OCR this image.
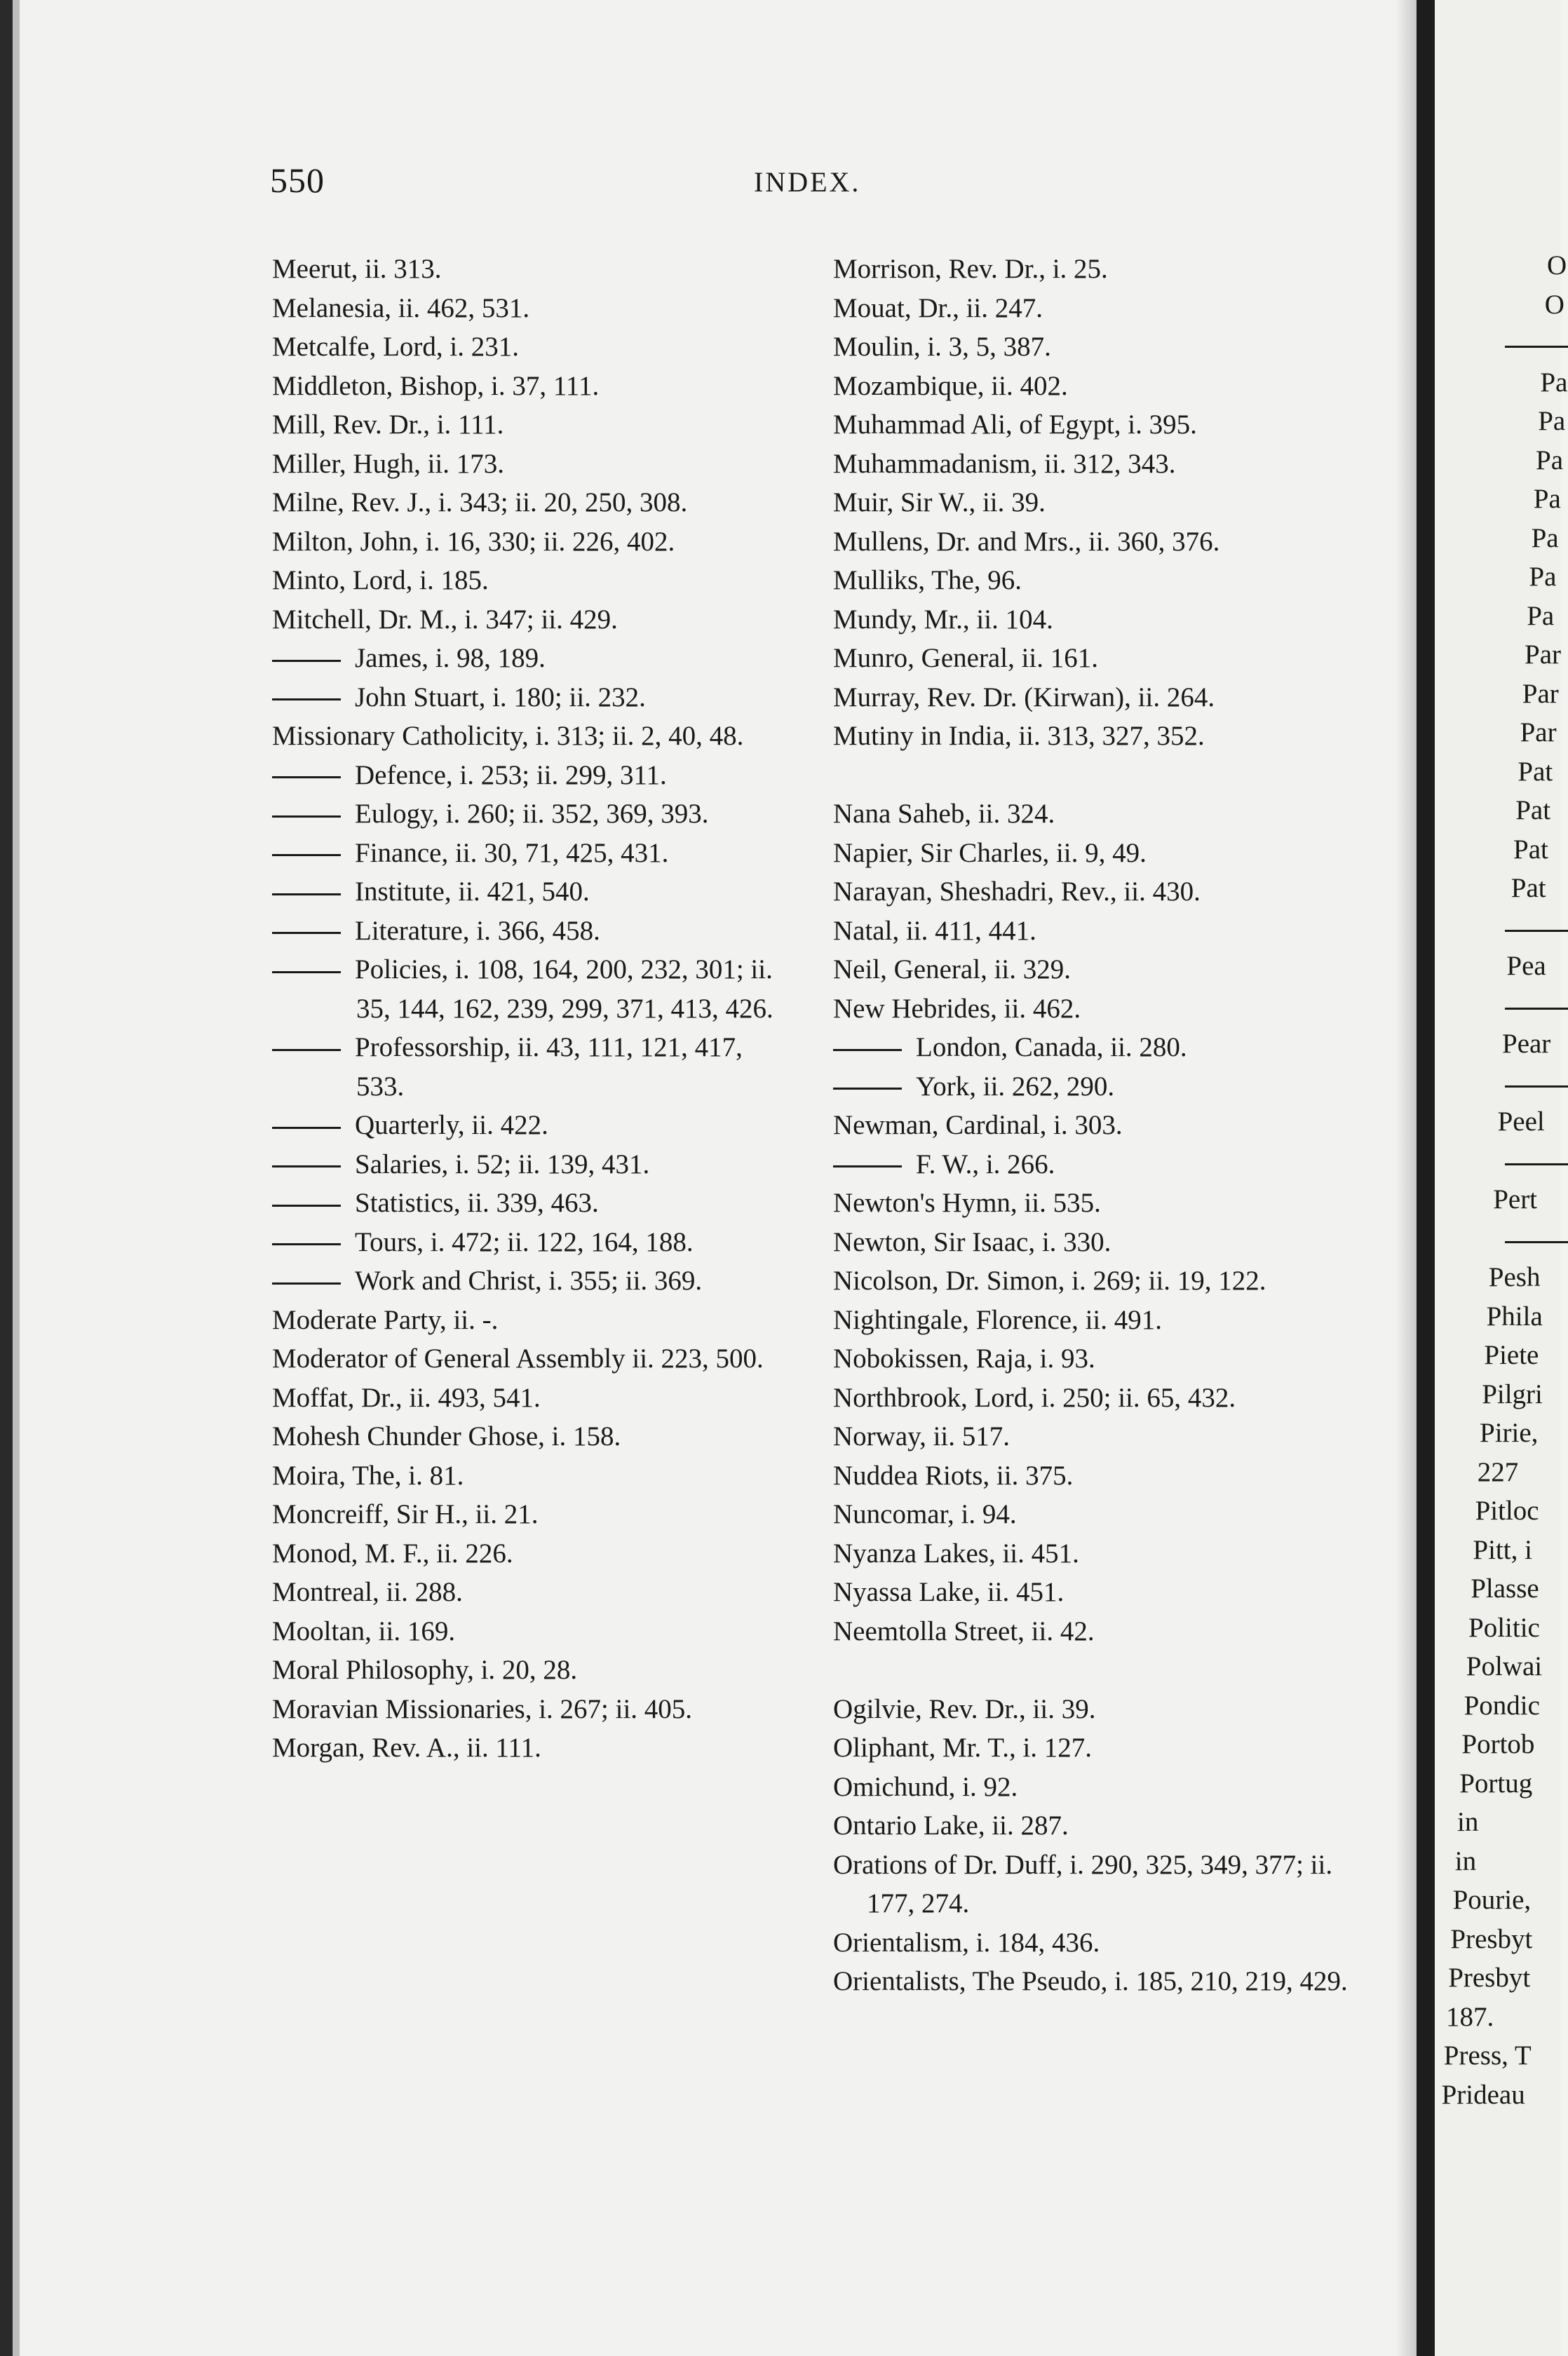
550	INDEX.
Meerut, ii. 313.
Melanesia, ii. 462, 531.
Metcalfe, Lord, i. 231.
Middleton, Bishop, i. 37, 111.
Mill, Rev. Dr., i. 111.
Miller, Hugh, ii. 173.
Milne, Rev. J., i. 343; ii. 20, 250, 308.
Milton, John, i. 16, 330; ii. 226, 402.
Minto, Lord, i. 185.
Mitchell, Dr. M., i. 347; ii. 429.
James, i. 98, 189.
John Stuart, i. 180; ii. 232.
Missionary Catholicity, i. 313; ii. 2, 40, 48.
Defence, i. 253; ii. 299, 311.
Eulogy, i. 260; ii. 352, 369, 393.
Finance, ii. 30, 71, 425, 431.
Institute, ii. 421, 540.
Literature, i. 366, 458.
Policies, i. 108, 164, 200, 232, 301; ii. 35, 144, 162, 239, 299, 371, 413, 426.
Professorship, ii. 43, 111, 121, 417, 533.
Quarterly, ii. 422.
Salaries, i. 52; ii. 139, 431.
Statistics, ii. 339, 463.
Tours, i. 472; ii. 122, 164, 188.
Work and Christ, i. 355; ii. 369.
Moderate Party, ii. -.
Moderator of General Assembly ii. 223, 500.
Moffat, Dr., ii. 493, 541.
Mohesh Chunder Ghose, i. 158.
Moira, The, i. 81.
Moncreiff, Sir H., ii. 21.
Monod, M. F., ii. 226.
Montreal, ii. 288.
Mooltan, ii. 169.
Moral Philosophy, i. 20, 28.
Moravian Missionaries, i. 267; ii. 405.
Morgan, Rev. A., ii. 111.
Morrison, Rev. Dr., i. 25.
Mouat, Dr., ii. 247.
Moulin, i. 3, 5, 387.
Mozambique, ii. 402.
Muhammad Ali, of Egypt, i. 395.
Muhammadanism, ii. 312, 343.
Muir, Sir W., ii. 39.
Mullens, Dr. and Mrs., ii. 360, 376.
Mulliks, The, 96.
Mundy, Mr., ii. 104.
Munro, General, ii. 161.
Murray, Rev. Dr. (Kirwan), ii. 264.
Mutiny in India, ii. 313, 327, 352.
Nana Saheb, ii. 324.
Napier, Sir Charles, ii. 9, 49.
Narayan, Sheshadri, Rev., ii. 430.
Natal, ii. 411, 441.
Neil, General, ii. 329.
New Hebrides, ii. 462.
London, Canada, ii. 280.
York, ii. 262, 290.
Newman, Cardinal, i. 303.
F. W., i. 266.
Newton's Hymn, ii. 535.
Newton, Sir Isaac, i. 330.
Nicolson, Dr. Simon, i. 269; ii. 19, 122.
Nightingale, Florence, ii. 491.
Nobokissen, Raja, i. 93.
Northbrook, Lord, i. 250; ii. 65, 432.
Norway, ii. 517.
Nuddea Riots, ii. 375.
Nuncomar, i. 94.
Nyanza Lakes, ii. 451.
Nyassa Lake, ii. 451.
Neemtolla Street, ii. 42.
Ogilvie, Rev. Dr., ii. 39.
Oliphant, Mr. T., i. 127.
Omichund, i. 92.
Ontario Lake, ii. 287.
Orations of Dr. Duff, i. 290, 325, 349, 377; ii. 177, 274.
Orientalism, i. 184, 436.
Orientalists, The Pseudo, i. 185, 210, 219, 429.
O
O
Pa
Pa
Pa
Pa
Pa
Pa
Pa
Par
Par
Par
Pat
Pat
Pat
Pat
Pea
Pear
Peel
Pert
Pesh
Phila
Piete
Pilgri
Pirie,
227
Pitloc
Pitt, i
Plasse
Politic
Polwai
Pondic
Portob
Portug
in
in
Pourie,
Presbyt
Presbyt
187.
Press, T
Prideau
